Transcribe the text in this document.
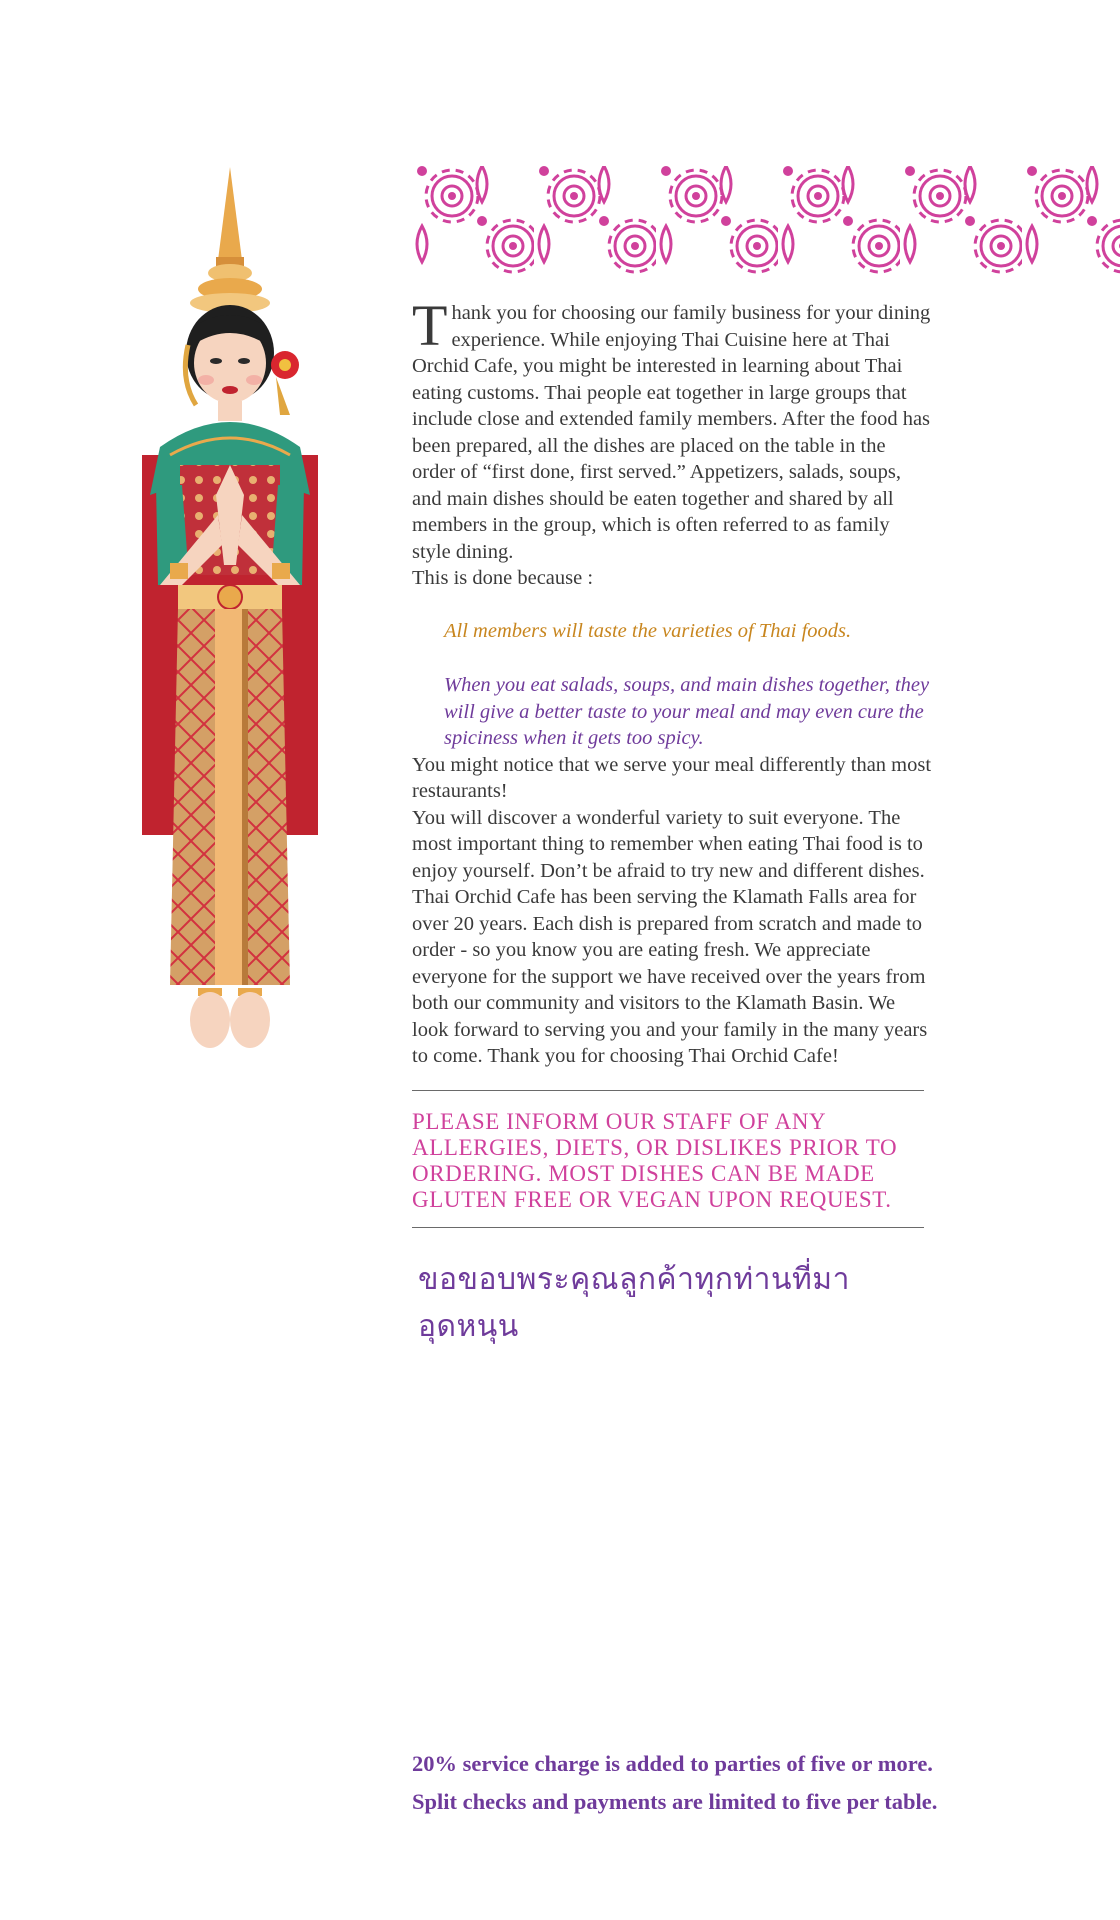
Thank you for choosing our family business for your dining experience. While enjoying Thai Cuisine here at Thai Orchid Cafe, you might be interested in learning about Thai eating customs. Thai people eat together in large groups that include close and extended family members. After the food has been prepared, all the dishes are placed on the table in the order of “first done, first served.” Appetizers, salads, soups, and main dishes should be eaten together and shared by all members in the group, which is often referred to as family style dining.

This is done because :

All members will taste the varieties of Thai foods.

When you eat salads, soups, and main dishes together, they will give a better taste to your meal and may even cure the spiciness when it gets too spicy.

You might notice that we serve your meal differently than most restaurants!

You will discover a wonderful variety to suit everyone. The most important thing to remember when eating Thai food is to enjoy yourself. Don’t be afraid to try new and different dishes.

Thai Orchid Cafe has been serving the Klamath Falls area for over 20 years. Each dish is prepared from scratch and made to order - so you know you are eating fresh. We appreciate everyone for the support we have received over the years from both our community and visitors to the Klamath Basin. We look forward to serving you and your family in the many years to come. Thank you for choosing Thai Orchid Cafe!

PLEASE INFORM OUR STAFF OF ANY ALLERGIES, DIETS, OR DISLIKES PRIOR TO ORDERING. MOST DISHES CAN BE MADE GLUTEN FREE OR VEGAN UPON REQUEST.

ขอขอบพระคุณลูกค้าทุกท่านที่มาอุดหนุน

20% service charge is added to parties of five or more.

Split checks and payments are limited to five per table.
